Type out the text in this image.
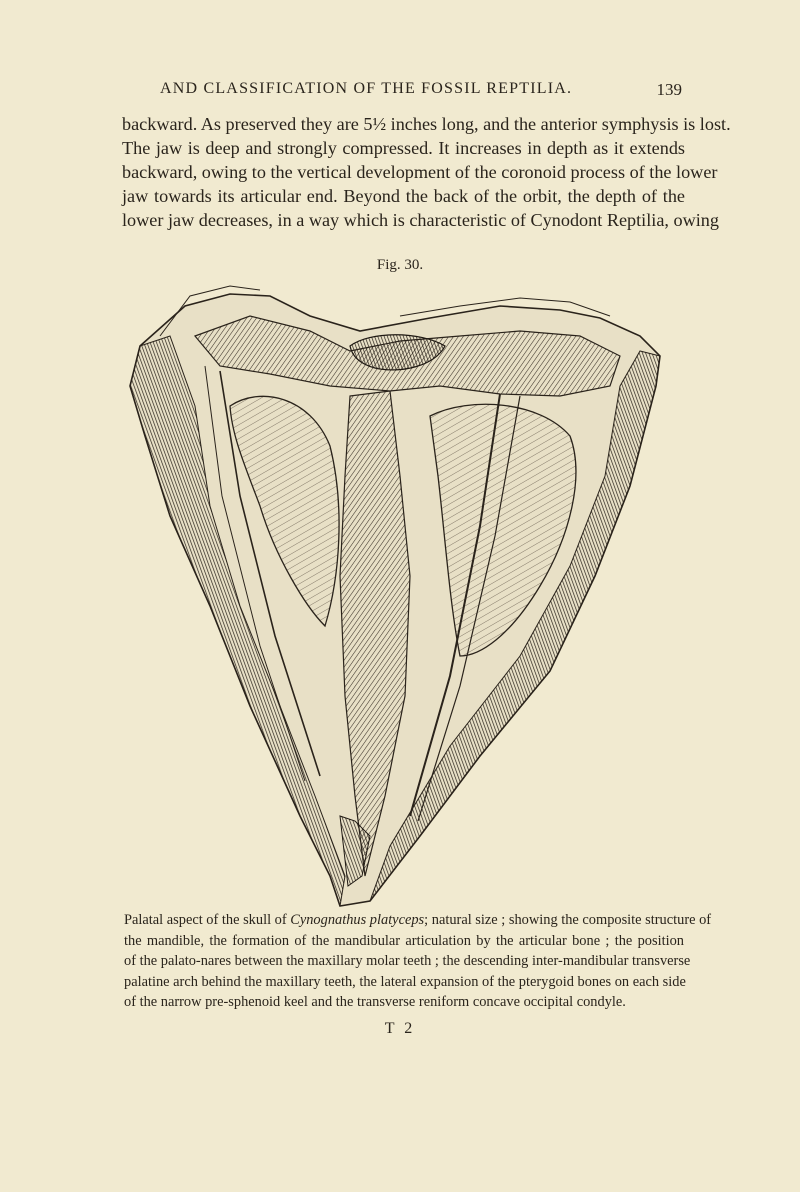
AND CLASSIFICATION OF THE FOSSIL REPTILIA.	139

backward. As preserved they are 5½ inches long, and the anterior symphysis is lost.
The jaw is deep and strongly compressed. It increases in depth as it extends
backward, owing to the vertical development of the coronoid process of the lower
jaw towards its articular end. Beyond the back of the orbit, the depth of the
lower jaw decreases, in a way which is characteristic of Cynodont Reptilia, owing

Fig. 30.

Palatal aspect of the skull of Cynognathus platyceps; natural size ; showing the composite structure of
the mandible, the formation of the mandibular articulation by the articular bone ; the position
of the palato-nares between the maxillary molar teeth ; the descending inter-mandibular transverse
palatine arch behind the maxillary teeth, the lateral expansion of the pterygoid bones on each side
of the narrow pre-sphenoid keel and the transverse reniform concave occipital condyle.

T 2
